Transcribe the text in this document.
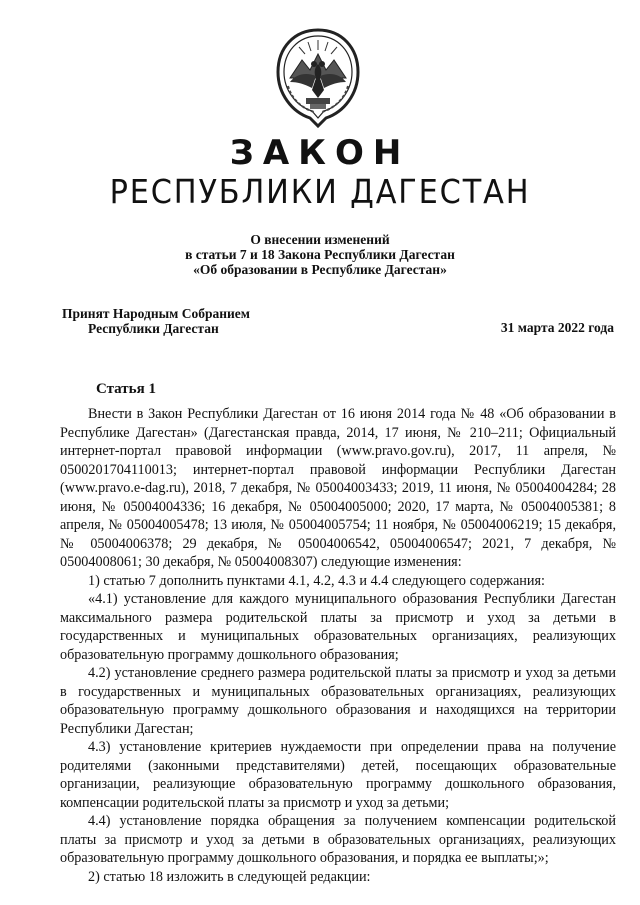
ЗАКОН
РЕСПУБЛИКИ ДАГЕСТАН
О внесении изменений
в статьи 7 и 18 Закона Республики Дагестан
«Об образовании в Республике Дагестан»
Принят Народным Собранием
Республики Дагестан	31 марта 2022 года
Статья 1

Внести в Закон Республики Дагестан от 16 июня 2014 года № 48 «Об образовании в Республике Дагестан» (Дагестанская правда, 2014, 17 июня, № 210–211; Официальный интернет-портал правовой информации (www.pravo.gov.ru), 2017, 11 апреля, № 0500201704110013; интернет-портал правовой информации Республики Дагестан (www.pravo.e-dag.ru), 2018, 7 декабря, № 05004003433; 2019, 11 июня, № 05004004284; 28 июня, № 05004004336; 16 декабря, № 05004005000; 2020, 17 марта, № 05004005381; 8 апреля, № 05004005478; 13 июля, № 05004005754; 11 ноября, № 05004006219; 15 декабря, № 05004006378; 29 декабря, № 05004006542, 05004006547; 2021, 7 декабря, № 05004008061; 30 декабря, № 05004008307) следующие изменения:

1) статью 7 дополнить пунктами 4.1, 4.2, 4.3 и 4.4 следующего содержания:

«4.1) установление для каждого муниципального образования Республики Дагестан максимального размера родительской платы за присмотр и уход за детьми в государственных и муниципальных образовательных организациях, реализующих образовательную программу дошкольного образования;

4.2) установление среднего размера родительской платы за присмотр и уход за детьми в государственных и муниципальных образовательных организациях, реализующих образовательную программу дошкольного образования и находящихся на территории Республики Дагестан;

4.3) установление критериев нуждаемости при определении права на получение родителями (законными представителями) детей, посещающих образовательные организации, реализующие образовательную программу дошкольного образования, компенсации родительской платы за присмотр и уход за детьми;

4.4) установление порядка обращения за получением компенсации родительской платы за присмотр и уход за детьми в образовательных организациях, реализующих образовательную программу дошкольного образования, и порядка ее выплаты;»;

2) статью 18 изложить в следующей редакции:
